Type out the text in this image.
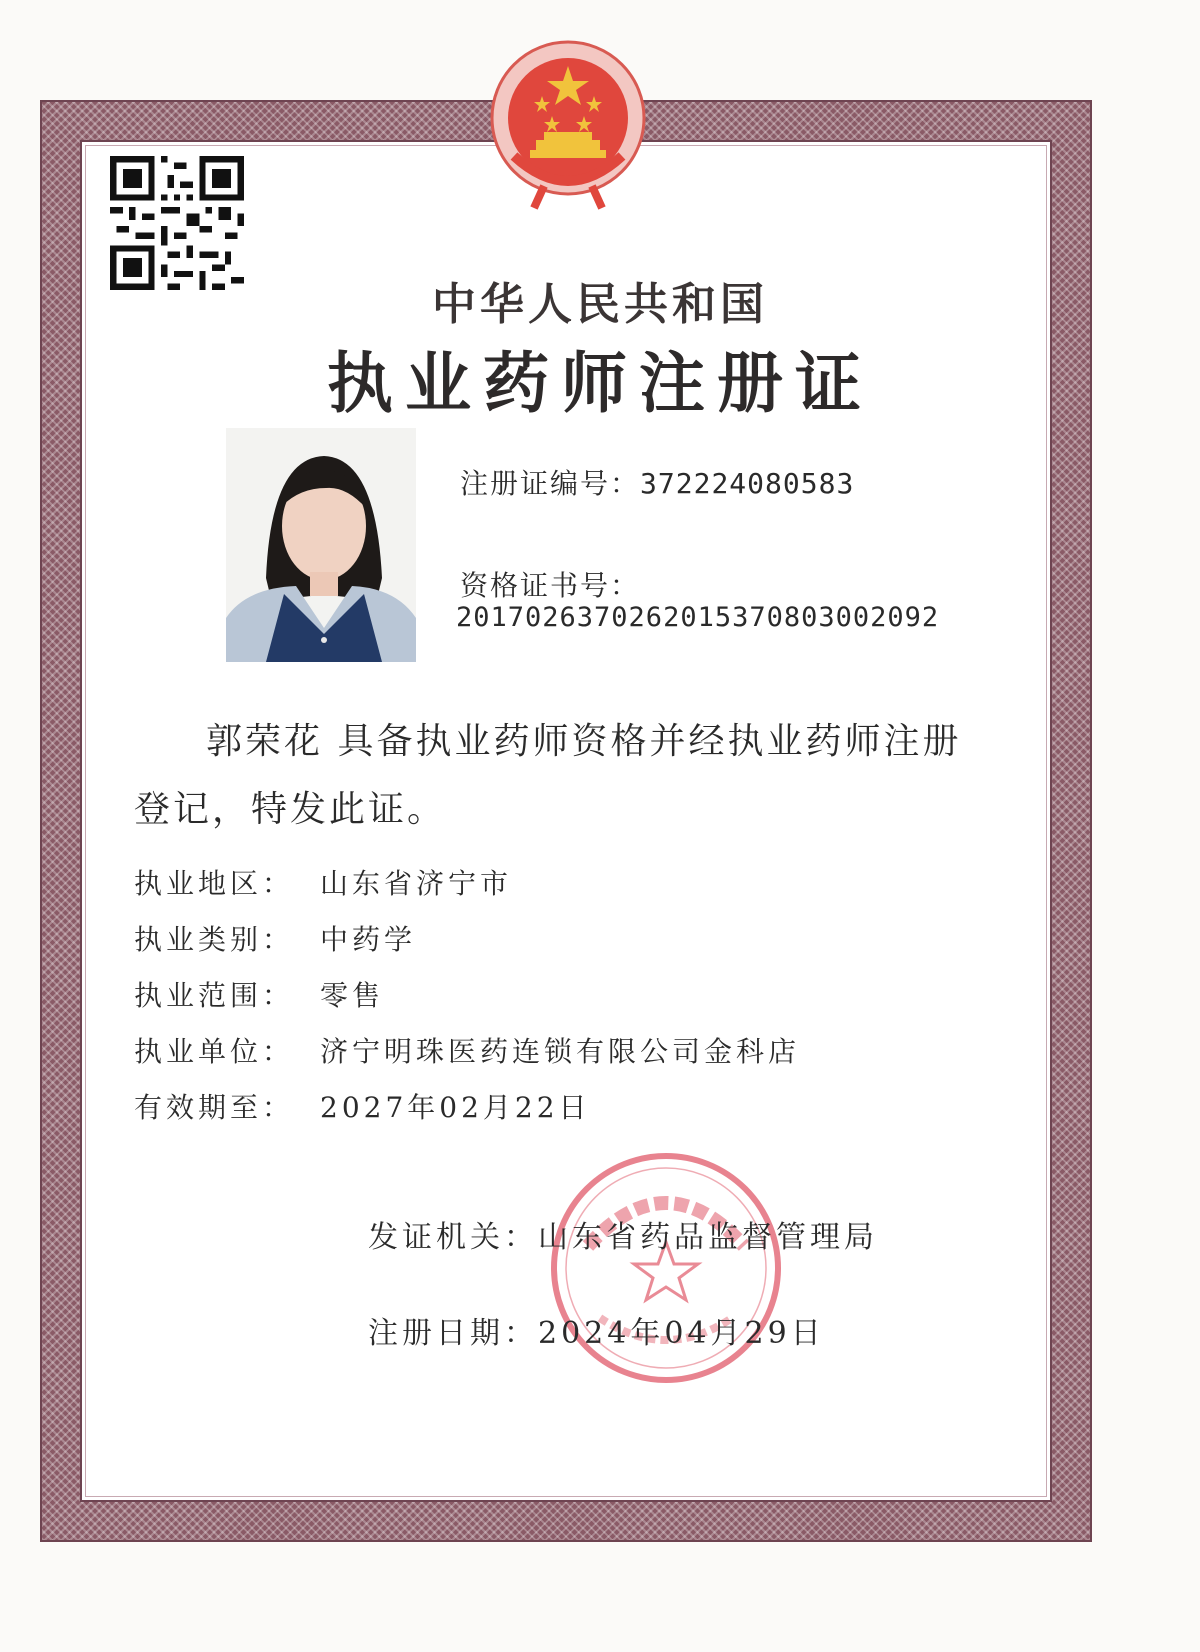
中华人民共和国
执业药师注册证
注册证编号：372224080583
资格证书号：
20170263702620153708030020​92
郭荣花 具备执业药师资格并经执业药师注册登记，特发此证。
执业地区： 山东省济宁市
执业类别： 中药学
执业范围： 零售
执业单位： 济宁明珠医药连锁有限公司金科店
有效期至： 2027年02月22日
发证机关：山东省药品监督管理局
注册日期：2024年04月29日
